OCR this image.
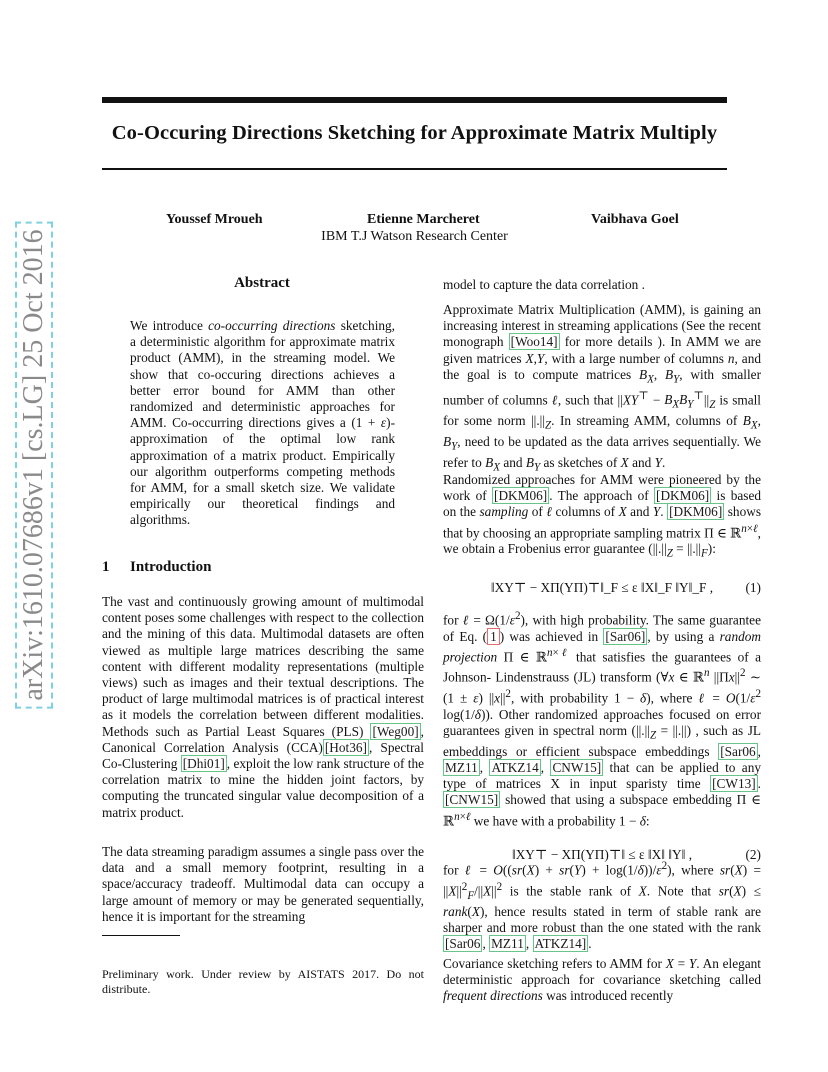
Co-Occuring Directions Sketching for Approximate Matrix Multiply
Youssef Mroueh	Etienne Marcheret	Vaibhava Goel
IBM T.J Watson Research Center
arXiv:1610.07686v1 [cs.LG] 25 Oct 2016	Abstract
We introduce co-occurring directions sketching, a deterministic algorithm for approximate matrix product (AMM), in the streaming model. We show that co-occuring directions achieves a better error bound for AMM than other randomized and deterministic approaches for AMM. Co-occurring directions gives a (1 + ε)-approximation of the optimal low rank approximation of a matrix product. Empirically our algorithm outperforms competing methods for AMM, for a small sketch size. We validate empirically our theoretical findings and algorithms.
1 Introduction
The vast and continuously growing amount of multimodal content poses some challenges with respect to the collection and the mining of this data. Multimodal datasets are often viewed as multiple large matrices describing the same content with different modality representations (multiple views) such as images and their textual descriptions. The product of large multimodal matrices is of practical interest as it models the correlation between different modalities. Methods such as Partial Least Squares (PLS) [Weg00] , Canonical Correlation Analysis (CCA) [Hot36] , Spectral Co-Clustering [Dhi01] , exploit the low rank structure of the correlation matrix to mine the hidden joint factors, by computing the truncated singular value decomposition of a matrix product.
The data streaming paradigm assumes a single pass over the data and a small memory footprint, resulting in a space/accuracy tradeoff. Multimodal data can occupy a large amount of memory or may be generated sequentially, hence it is important for the streaming
Preliminary work. Under review by AISTATS 2017. Do not distribute.
model to capture the data correlation .
Approximate Matrix Multiplication (AMM), is gaining an increasing interest in streaming applications (See the recent monograph [Woo14] for more details ). In AMM we are given matrices X,Y, with a large number of columns n, and the goal is to compute matrices $B_X$, $B_Y$, with smaller number of columns ℓ, such that $||XY^⊤ - B_XB_Y^⊤||_Z$ is small for some norm $||.||_Z$. In streaming AMM, columns of $B_X$, $B_Y$, need to be updated as the data arrives sequentially. We refer to $B_X$ and $B_Y$ as sketches of X and Y.
Randomized approaches for AMM were pioneered by the work of [DKM06] . The approach of [DKM06] is based on the sampling of ℓ columns of X and Y. [DKM06] shows that by choosing an appropriate sampling matrix Π ∈ ℝ$^{n\times\ell}$, we obtain a Frobenius error guarantee $(||.||_Z = ||.||_F)$:
‖XY⊤ − XΠ(YΠ)⊤‖_F ≤ ε ‖X‖_F ‖Y‖_F , (1)
for ℓ = $\Omega(1/\varepsilon^2)$, with high probability. The same guarantee of Eq. ( 1 ) was achieved in [Sar06] , by using a random projection Π ∈ ℝ$^{n\times\ell}$ that satisfies the guarantees of a Johnson- Lindenstrauss (JL) transform (∀x ∈ ℝ$^n$ $||\Pi x||^2$ ∼ (1 ± ε) $||x||^2$, with probability 1 − δ), where ℓ = $O(1/\varepsilon^2$ log(1/δ)). Other randomized approaches focused on error guarantees given in spectral norm ($||.||_Z$ = ||.||) , such as JL embeddings or efficient subspace embeddings [Sar06 , MZ11 , ATKZ14 , CNW15] that can be applied to any type of matrices X in input sparisty time [CW13] . [CNW15] showed that using a subspace embedding Π ∈ ℝ$^{n\times\ell}$ we have with a probability 1 − δ:
‖XY⊤ − XΠ(YΠ)⊤‖ ≤ ε ‖X‖ ‖Y‖ ,	(2)
for ℓ = $O((sr(X) + sr(Y) + \log(1/\delta))/\varepsilon^2)$, where $sr(X) = ||X||^2_F/||X||^2$ is the stable rank of X. Note that sr(X) ≤ rank(X), hence results stated in term of stable rank are sharper and more robust than the one stated with the rank [Sar06 , MZ11 , ATKZ14] .
Covariance sketching refers to AMM for X = Y. An elegant deterministic approach for covariance sketching called frequent directions was introduced recently
